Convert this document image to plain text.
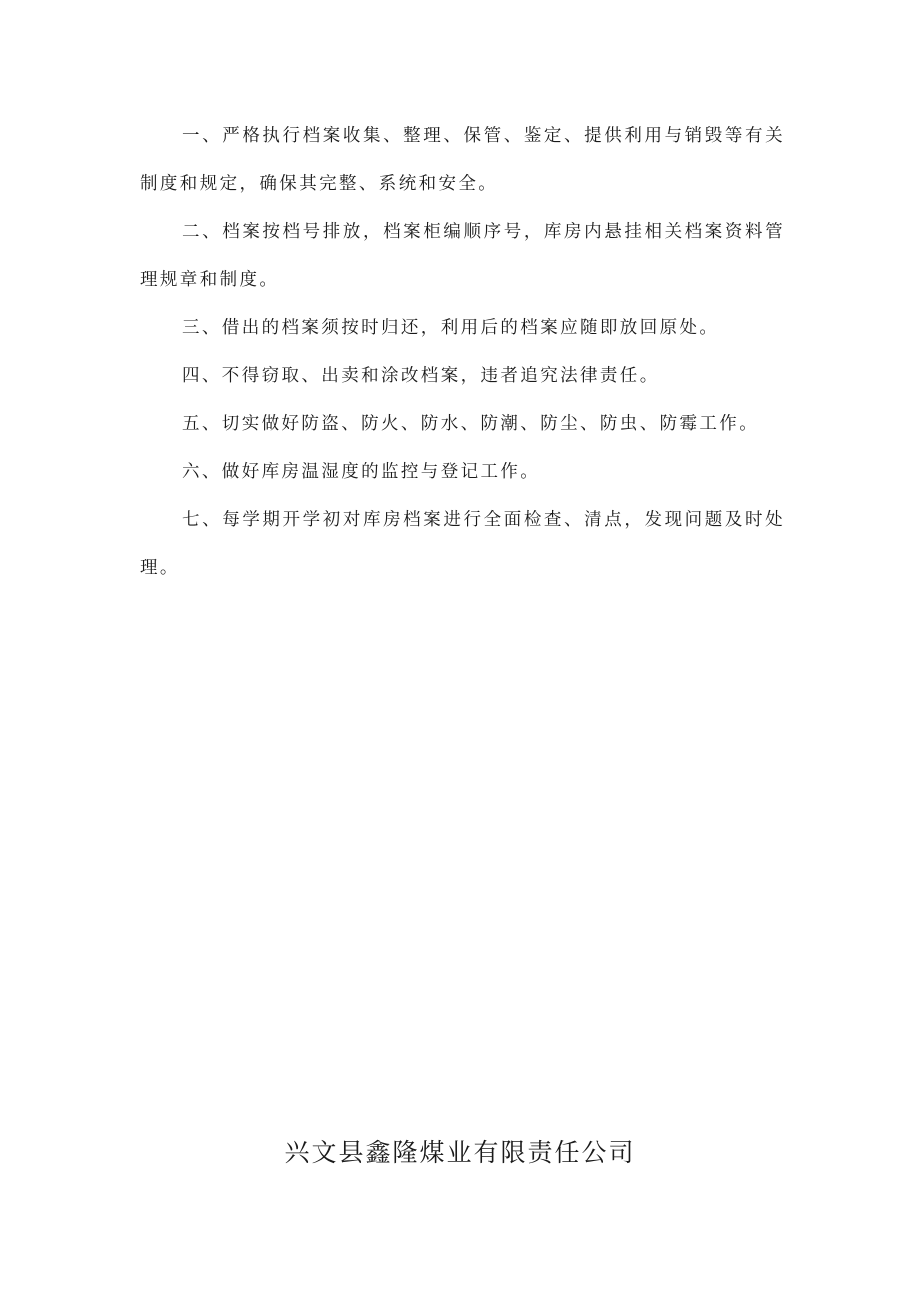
一、严格执行档案收集、整理、保管、鉴定、提供利用与销毁等有关制度和规定，确保其完整、系统和安全。

二、档案按档号排放，档案柜编顺序号，库房内悬挂相关档案资料管理规章和制度。

三、借出的档案须按时归还，利用后的档案应随即放回原处。

四、不得窃取、出卖和涂改档案，违者追究法律责任。

五、切实做好防盗、防火、防水、防潮、防尘、防虫、防霉工作。

六、做好库房温湿度的监控与登记工作。

七、每学期开学初对库房档案进行全面检查、清点，发现问题及时处理。

兴文县鑫隆煤业有限责任公司
